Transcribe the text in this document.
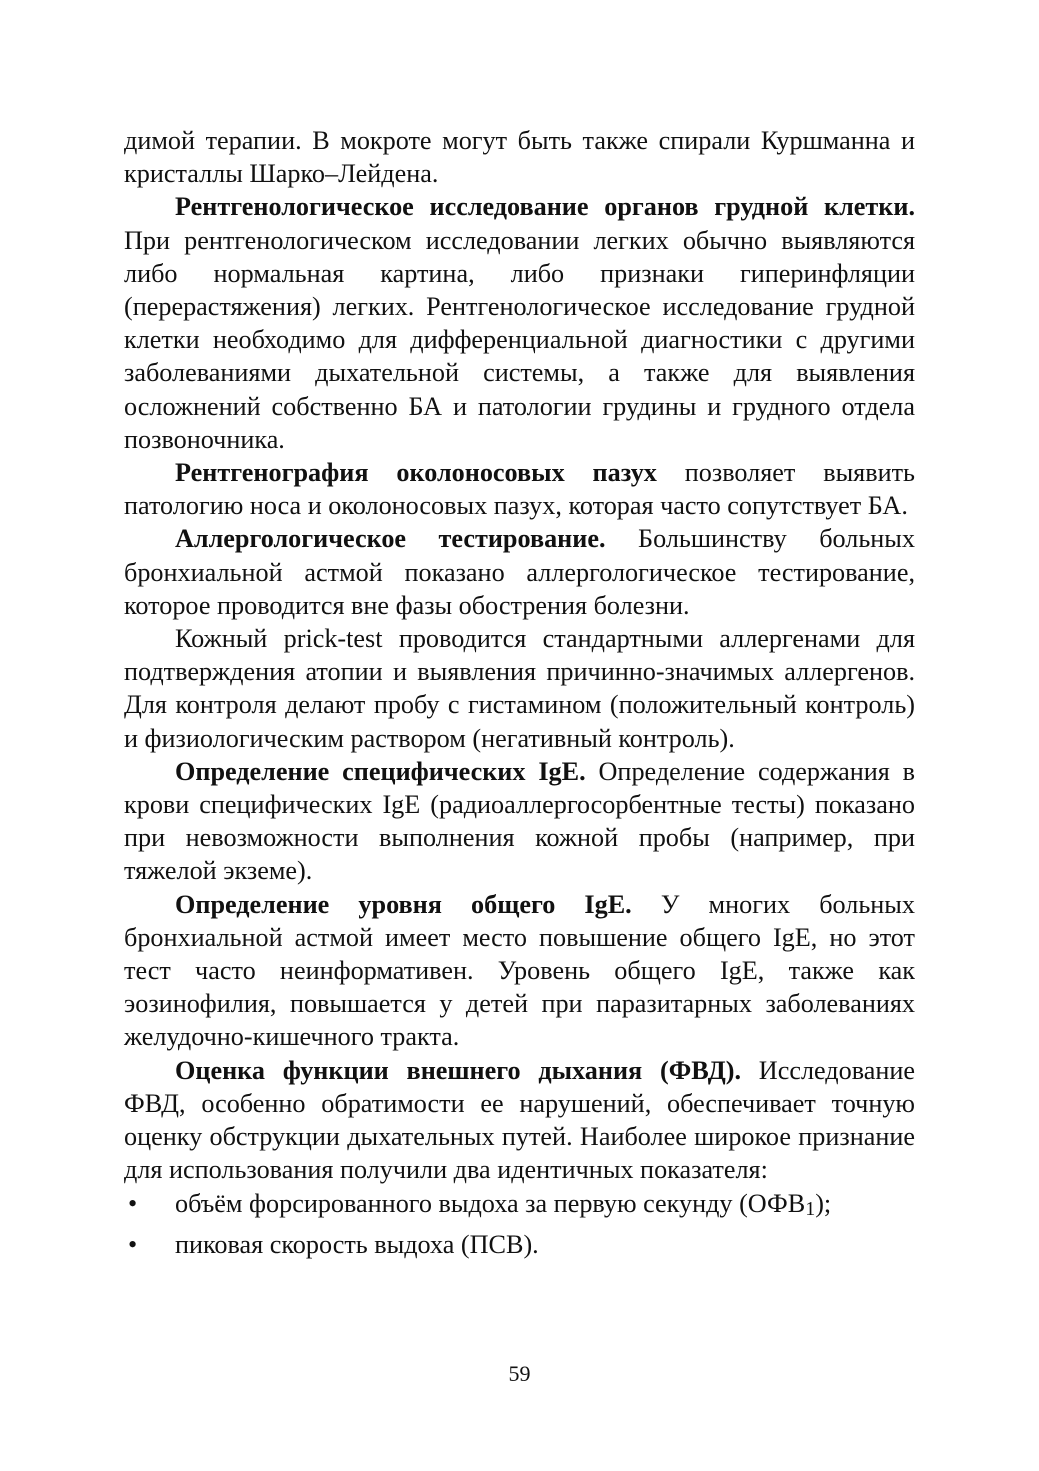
димой терапии. В мокроте могут быть также спирали Куршманна и кристаллы Шарко–Лейдена.

Рентгенологическое исследование органов грудной клетки. При рентгенологическом исследовании легких обычно выявляются либо нормальная картина, либо признаки гиперинфляции (перерастяжения) легких. Рентгенологическое исследование грудной клетки необходимо для дифференциальной диагностики с другими заболеваниями дыхательной системы, а также для выявления осложнений собственно БА и патологии грудины и грудного отдела позвоночника.

Рентгенография околоносовых пазух позволяет выявить патологию носа и околоносовых пазух, которая часто сопутствует БА.

Аллергологическое тестирование. Большинству больных бронхиальной астмой показано аллергологическое тестирование, которое проводится вне фазы обострения болезни.

Кожный prick-test проводится стандартными аллергенами для подтверждения атопии и выявления причинно-значимых аллергенов. Для контроля делают пробу с гистамином (положительный контроль) и физиологическим раствором (негативный контроль).

Определение специфических IgE. Определение содержания в крови специфических IgE (радиоаллергосорбентные тесты) показано при невозможности выполнения кожной пробы (например, при тяжелой экземе).

Определение уровня общего IgE. У многих больных бронхиальной астмой имеет место повышение общего IgE, но этот тест часто неинформативен. Уровень общего IgE, также как эозинофилия, повышается у детей при паразитарных заболеваниях желудочно-кишечного тракта.

Оценка функции внешнего дыхания (ФВД). Исследование ФВД, особенно обратимости ее нарушений, обеспечивает точную оценку обструкции дыхательных путей. Наиболее широкое признание для использования получили два идентичных показателя:

• объём форсированного выдоха за первую секунду (ОФВ1);
• пиковая скорость выдоха (ПСВ).
59
